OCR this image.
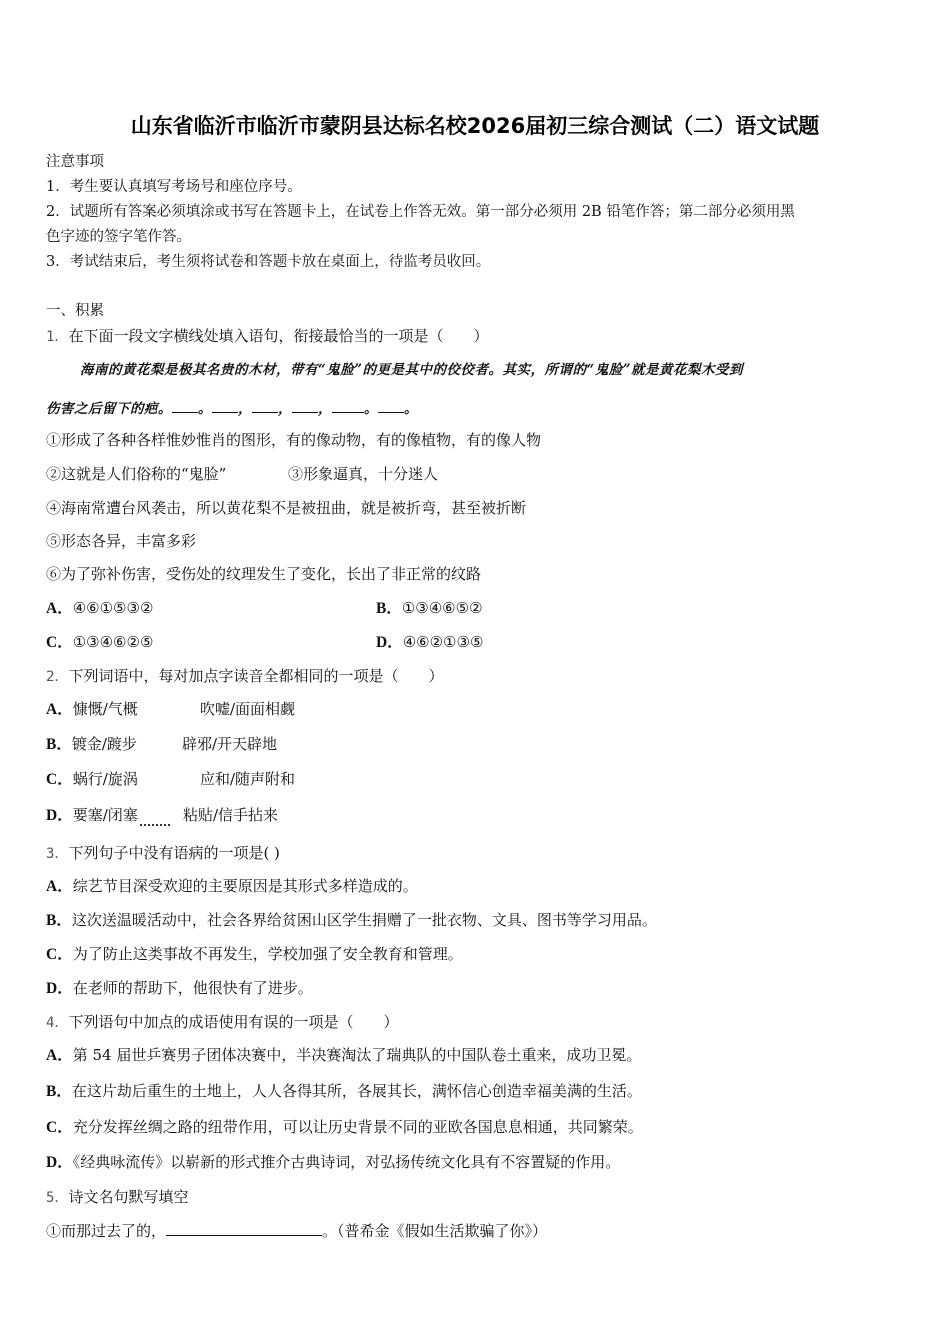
山东省临沂市临沂市蒙阴县达标名校2026届初三综合测试（二）语文试题
注意事项
1．考生要认真填写考场号和座位序号。
2．试题所有答案必须填涂或书写在答题卡上，在试卷上作答无效。第一部分必须用 2B 铅笔作答；第二部分必须用黑
色字迹的签字笔作答。
3．考试结束后，考生须将试卷和答题卡放在桌面上，待监考员收回。
一、积累
1．在下面一段文字横线处填入语句，衔接最恰当的一项是（　　）
海南的黄花梨是极其名贵的木材，带有“鬼脸”的更是其中的佼佼者。其实，所谓的“鬼脸”就是黄花梨木受到
伤害之后留下的疤。 。 ， ， ， 。 。
①形成了各种各样惟妙惟肖的图形，有的像动物，有的像植物，有的像人物
②这就是人们俗称的“鬼脸”	③形象逼真，十分迷人
④海南常遭台风袭击，所以黄花梨不是被扭曲，就是被折弯，甚至被折断
⑤形态各异，丰富多彩
⑥为了弥补伤害，受伤处的纹理发生了变化，长出了非正常的纹路
A．④⑥①⑤③②	B．①③④⑥⑤②
C．①③④⑥②⑤	D．④⑥②①③⑤
2．下列词语中，每对加点字读音全都相同的一项是（　　）
A．慷慨/气概	吹嘘/面面相觑
B．镀金/踱步	辟邪/开天辟地
C．蜗行/旋涡	应和/随声附和
D．要塞/闭塞	粘贴/信手拈来
3．下列句子中没有语病的一项是( )
A．综艺节目深受欢迎的主要原因是其形式多样造成的。
B．这次送温暖活动中，社会各界给贫困山区学生捐赠了一批衣物、文具、图书等学习用品。
C．为了防止这类事故不再发生，学校加强了安全教育和管理。
D．在老师的帮助下，他很快有了进步。
4．下列语句中加点的成语使用有误的一项是（　　）
A．第 54 届世乒赛男子团体决赛中，半决赛淘汰了瑞典队的中国队卷土重来，成功卫冕。
B．在这片劫后重生的土地上，人人各得其所，各展其长，满怀信心创造幸福美满的生活。
C．充分发挥丝绸之路的纽带作用，可以让历史背景不同的亚欧各国息息相通，共同繁荣。
D．《经典咏流传》以崭新的形式推介古典诗词，对弘扬传统文化具有不容置疑的作用。
5．诗文名句默写填空
①而那过去了的，	。（普希金《假如生活欺骗了你》）
